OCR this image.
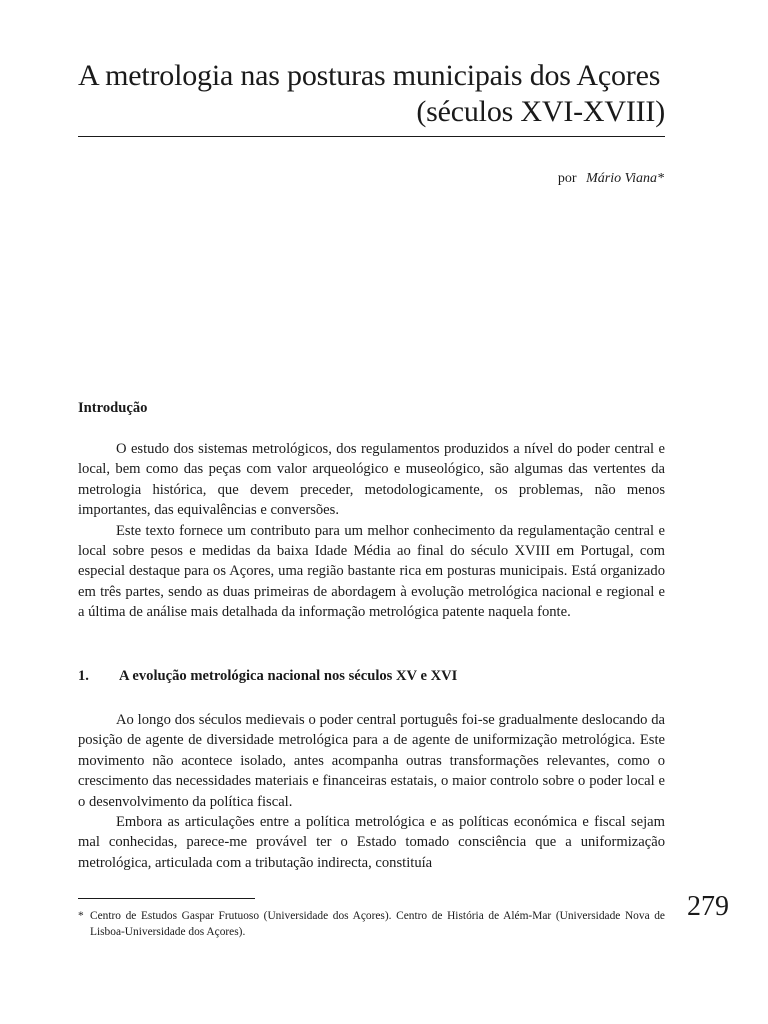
A metrologia nas posturas municipais dos Açores
(séculos XVI-XVIII)
por Mário Viana*
Introdução

O estudo dos sistemas metrológicos, dos regulamentos produzidos a nível do poder central e local, bem como das peças com valor arqueológico e museológico, são algumas das vertentes da metrologia histórica, que devem preceder, metodologicamente, os problemas, não menos importantes, das equivalências e conversões.

Este texto fornece um contributo para um melhor conhecimento da regulamentação central e local sobre pesos e medidas da baixa Idade Média ao final do século XVIII em Portugal, com especial destaque para os Açores, uma região bastante rica em posturas municipais. Está organizado em três partes, sendo as duas primeiras de abordagem à evolução metrológica nacional e regional e a última de análise mais detalhada da informação metrológica patente naquela fonte.

1. A evolução metrológica nacional nos séculos XV e XVI

Ao longo dos séculos medievais o poder central português foi-se gradualmente deslocando da posição de agente de diversidade metrológica para a de agente de uniformização metrológica. Este movimento não acontece isolado, antes acompanha outras transformações relevantes, como o crescimento das necessidades materiais e financeiras estatais, o maior controlo sobre o poder local e o desenvolvimento da política fiscal.

Embora as articulações entre a política metrológica e as políticas económica e fiscal sejam mal conhecidas, parece-me provável ter o Estado tomado consciência que a uniformização metrológica, articulada com a tributação indirecta, constituía

* Centro de Estudos Gaspar Frutuoso (Universidade dos Açores). Centro de História de Além-Mar (Universidade Nova de Lisboa-Universidade dos Açores).
279
